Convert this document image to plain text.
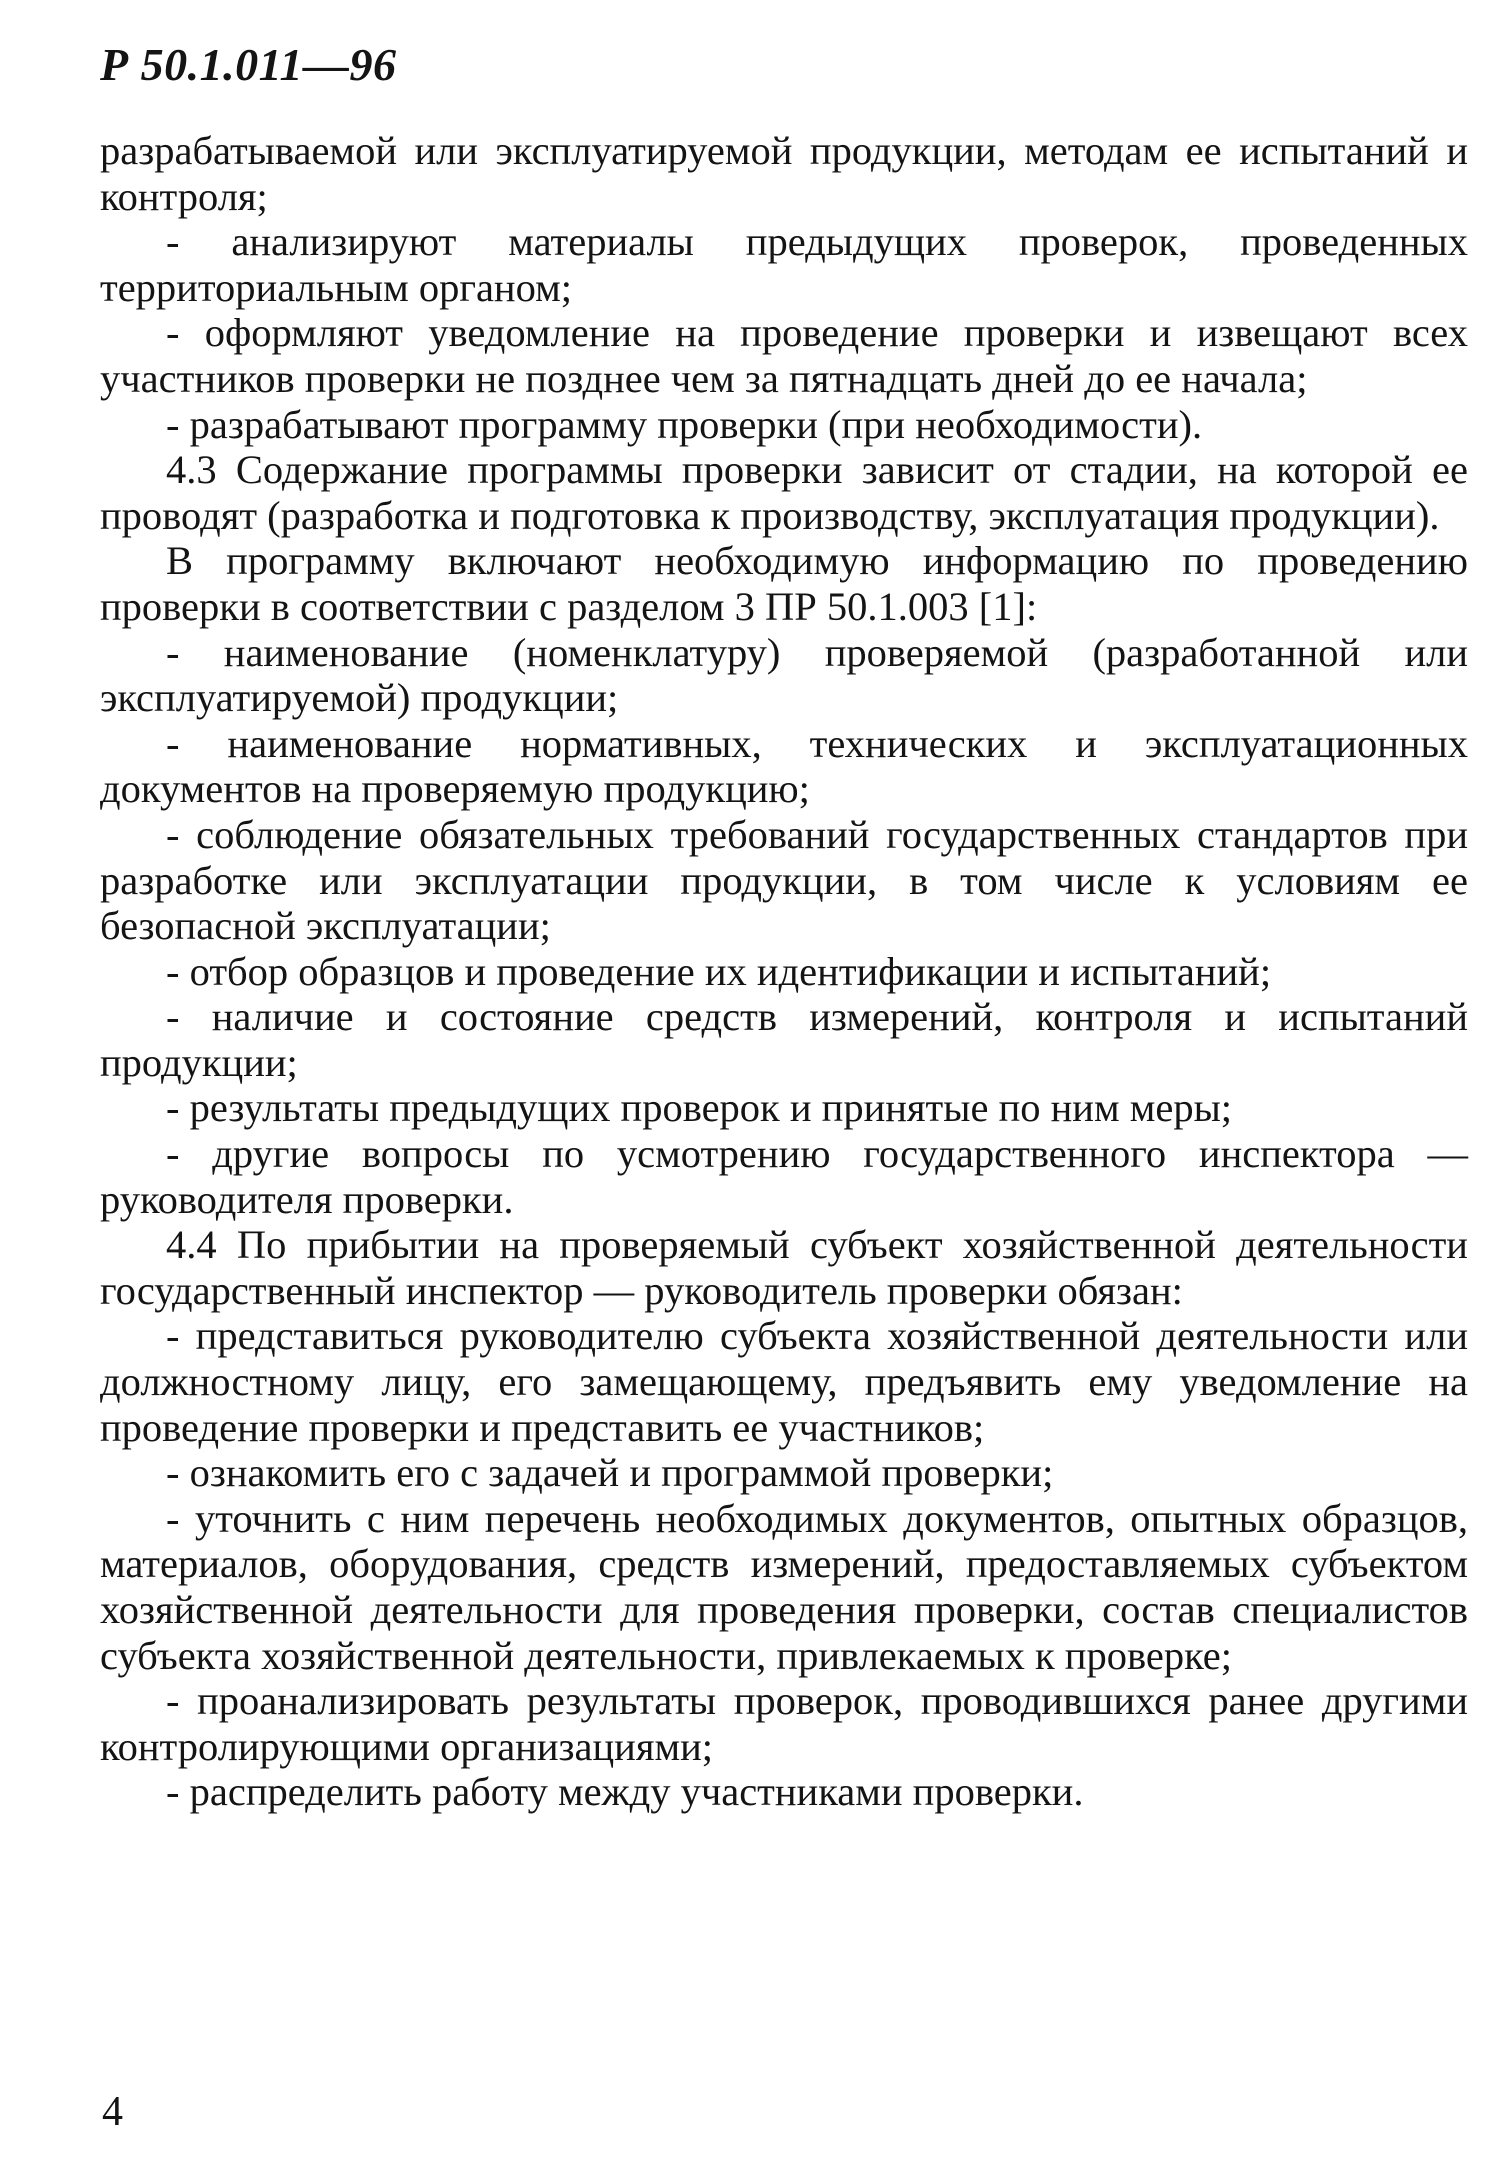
Р 50.1.011—96

разрабатываемой или эксплуатируемой продукции, методам ее испытаний и контроля;

- анализируют материалы предыдущих проверок, проведенных территориальным органом;

- оформляют уведомление на проведение проверки и извещают всех участников проверки не позднее чем за пятнадцать дней до ее начала;

- разрабатывают программу проверки (при необходимости).

4.3 Содержание программы проверки зависит от стадии, на которой ее проводят (разработка и подготовка к производству, эксплуатация продукции).

В программу включают необходимую информацию по проведению проверки в соответствии с разделом 3 ПР 50.1.003 [1]:

- наименование (номенклатуру) проверяемой (разработанной или эксплуатируемой) продукции;

- наименование нормативных, технических и эксплуатационных документов на проверяемую продукцию;

- соблюдение обязательных требований государственных стандартов при разработке или эксплуатации продукции, в том числе к условиям ее безопасной эксплуатации;

- отбор образцов и проведение их идентификации и испытаний;

- наличие и состояние средств измерений, контроля и испытаний продукции;

- результаты предыдущих проверок и принятые по ним меры;

- другие вопросы по усмотрению государственного инспектора — руководителя проверки.

4.4 По прибытии на проверяемый субъект хозяйственной деятельности государственный инспектор — руководитель проверки обязан:

- представиться руководителю субъекта хозяйственной деятельности или должностному лицу, его замещающему, предъявить ему уведомление на проведение проверки и представить ее участников;

- ознакомить его с задачей и программой проверки;

- уточнить с ним перечень необходимых документов, опытных образцов, материалов, оборудования, средств измерений, предоставляемых субъектом хозяйственной деятельности для проведения проверки, состав специалистов субъекта хозяйственной деятельности, привлекаемых к проверке;

- проанализировать результаты проверок, проводившихся ранее другими контролирующими организациями;

- распределить работу между участниками проверки.

4
